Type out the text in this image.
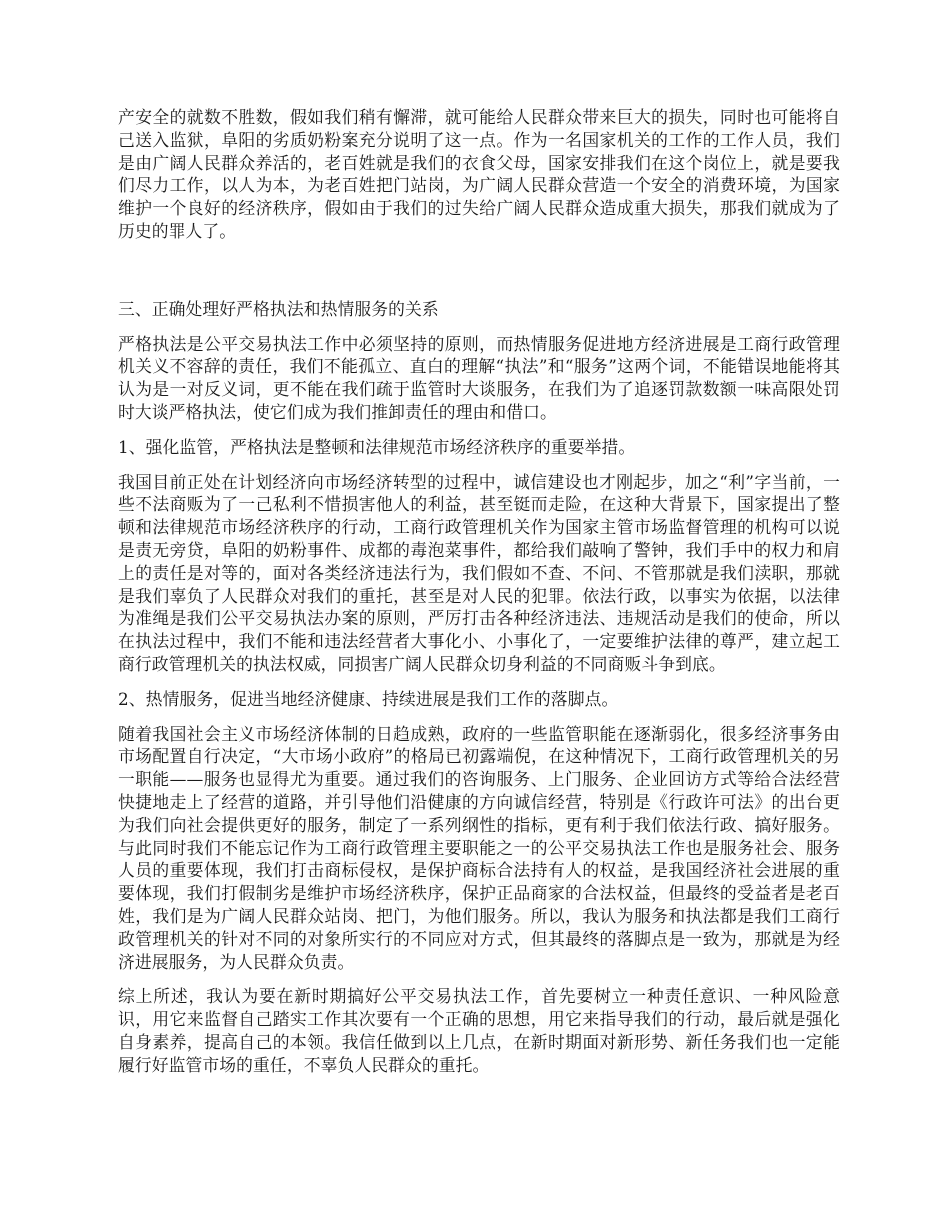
产安全的就数不胜数，假如我们稍有懈滞，就可能给人民群众带来巨大的损失，同时也可能将自己送入监狱，阜阳的劣质奶粉案充分说明了这一点。作为一名国家机关的工作的工作人员，我们是由广阔人民群众养活的，老百姓就是我们的衣食父母，国家安排我们在这个岗位上，就是要我们尽力工作，以人为本，为老百姓把门站岗，为广阔人民群众营造一个安全的消费环境，为国家维护一个良好的经济秩序，假如由于我们的过失给广阔人民群众造成重大损失，那我们就成为了历史的罪人了。

三、正确处理好严格执法和热情服务的关系

严格执法是公平交易执法工作中必须坚持的原则，而热情服务促进地方经济进展是工商行政管理机关义不容辞的责任，我们不能孤立、直白的理解“执法”和“服务”这两个词，不能错误地能将其认为是一对反义词，更不能在我们疏于监管时大谈服务，在我们为了追逐罚款数额一味高限处罚时大谈严格执法，使它们成为我们推卸责任的理由和借口。

1、强化监管，严格执法是整顿和法律规范市场经济秩序的重要举措。

我国目前正处在计划经济向市场经济转型的过程中，诚信建设也才刚起步，加之“利”字当前，一些不法商贩为了一己私利不惜损害他人的利益，甚至铤而走险，在这种大背景下，国家提出了整顿和法律规范市场经济秩序的行动，工商行政管理机关作为国家主管市场监督管理的机构可以说是责无旁贷，阜阳的奶粉事件、成都的毒泡菜事件，都给我们敲响了警钟，我们手中的权力和肩上的责任是对等的，面对各类经济违法行为，我们假如不查、不问、不管那就是我们渎职，那就是我们辜负了人民群众对我们的重托，甚至是对人民的犯罪。依法行政，以事实为依据，以法律为准绳是我们公平交易执法办案的原则，严厉打击各种经济违法、违规活动是我们的使命，所以在执法过程中，我们不能和违法经营者大事化小、小事化了，一定要维护法律的尊严，建立起工商行政管理机关的执法权威，同损害广阔人民群众切身利益的不同商贩斗争到底。

2、热情服务，促进当地经济健康、持续进展是我们工作的落脚点。

随着我国社会主义市场经济体制的日趋成熟，政府的一些监管职能在逐渐弱化，很多经济事务由市场配置自行决定，“大市场小政府”的格局已初露端倪，在这种情况下，工商行政管理机关的另一职能——服务也显得尤为重要。通过我们的咨询服务、上门服务、企业回访方式等给合法经营快捷地走上了经营的道路，并引导他们沿健康的方向诚信经营，特别是《行政许可法》的出台更为我们向社会提供更好的服务，制定了一系列纲性的指标，更有利于我们依法行政、搞好服务。与此同时我们不能忘记作为工商行政管理主要职能之一的公平交易执法工作也是服务社会、服务人员的重要体现，我们打击商标侵权，是保护商标合法持有人的权益，是我国经济社会进展的重要体现，我们打假制劣是维护市场经济秩序，保护正品商家的合法权益，但最终的受益者是老百姓，我们是为广阔人民群众站岗、把门，为他们服务。所以，我认为服务和执法都是我们工商行政管理机关的针对不同的对象所实行的不同应对方式，但其最终的落脚点是一致为，那就是为经济进展服务，为人民群众负责。

综上所述，我认为要在新时期搞好公平交易执法工作，首先要树立一种责任意识、一种风险意识，用它来监督自己踏实工作其次要有一个正确的思想，用它来指导我们的行动，最后就是强化自身素养，提高自己的本领。我信任做到以上几点，在新时期面对新形势、新任务我们也一定能履行好监管市场的重任，不辜负人民群众的重托。
